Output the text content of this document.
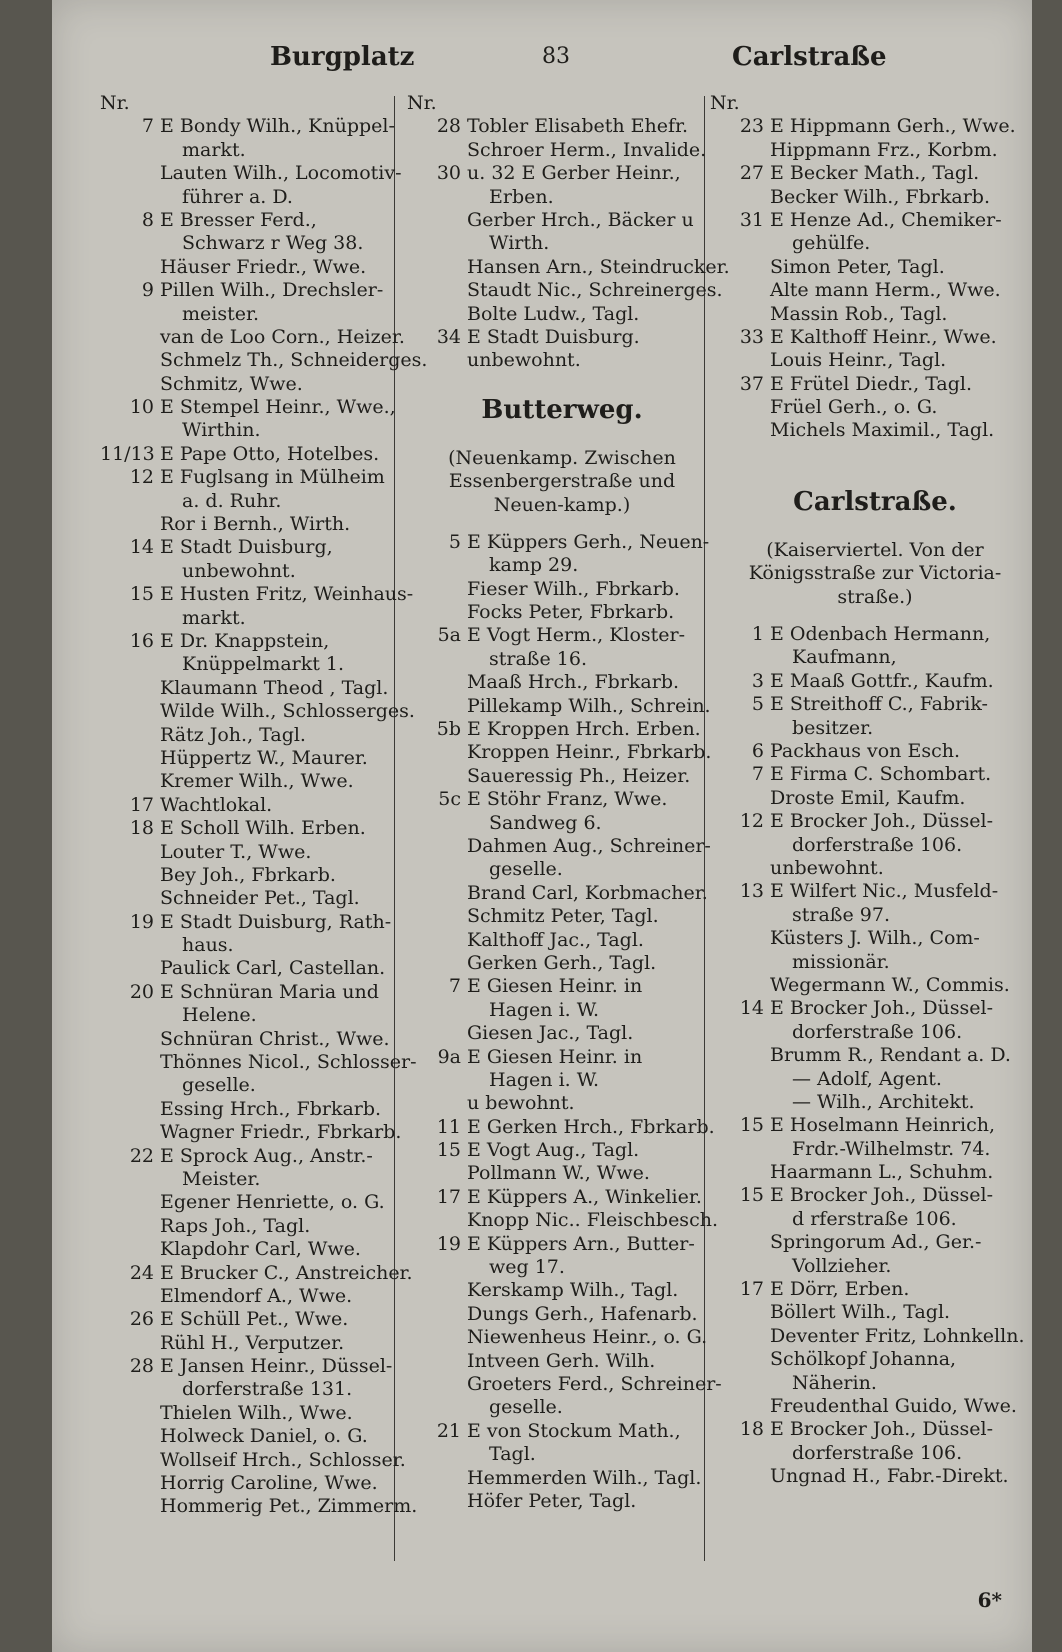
Burgplatz	83	Carlstraße
Nr.
7 E Bondy Wilh., Knüppel-
markt.
Lauten Wilh., Locomotiv-
führer a. D.
8 E Bresser Ferd.,
Schwarz r Weg 38.
Häuser Friedr., Wwe.
9 Pillen Wilh., Drechsler-
meister.
van de Loo Corn., Heizer.
Schmelz Th., Schneiderges.
Schmitz, Wwe.
10 E Stempel Heinr., Wwe.,
Wirthin.
11/13 E Pape Otto, Hotelbes.
12 E Fuglsang in Mülheim
a. d. Ruhr.
Ror i Bernh., Wirth.
14 E Stadt Duisburg,
unbewohnt.
15 E Husten Fritz, Weinhaus-
markt.
16 E Dr. Knappstein,
Knüppelmarkt 1.
Klaumann Theod , Tagl.
Wilde Wilh., Schlosserges.
Rätz Joh., Tagl.
Hüppertz W., Maurer.
Kremer Wilh., Wwe.
17 Wachtlokal.
18 E Scholl Wilh. Erben.
Louter T., Wwe.
Bey Joh., Fbrkarb.
Schneider Pet., Tagl.
19 E Stadt Duisburg, Rath-
haus.
Paulick Carl, Castellan.
20 E Schnüran Maria und
Helene.
Schnüran Christ., Wwe.
Thönnes Nicol., Schlosser-
geselle.
Essing Hrch., Fbrkarb.
Wagner Friedr., Fbrkarb.
22 E Sprock Aug., Anstr.-
Meister.
Egener Henriette, o. G.
Raps Joh., Tagl.
Klapdohr Carl, Wwe.
24 E Brucker C., Anstreicher.
Elmendorf A., Wwe.
26 E Schüll Pet., Wwe.
Rühl H., Verputzer.
28 E Jansen Heinr., Düssel-
dorferstraße 131.
Thielen Wilh., Wwe.
Holweck Daniel, o. G.
Wollseif Hrch., Schlosser.
Horrig Caroline, Wwe.
Hommerig Pet., Zimmerm.
Nr.
28 Tobler Elisabeth Ehefr.
Schroer Herm., Invalide.
30 u. 32 E Gerber Heinr.,
Erben.
Gerber Hrch., Bäcker u
Wirth.
Hansen Arn., Steindrucker.
Staudt Nic., Schreinerges.
Bolte Ludw., Tagl.
34 E Stadt Duisburg.
unbewohnt.
Butterweg.
(Neuenkamp. Zwischen Essenbergerstraße und Neuen-kamp.)
5 E Küppers Gerh., Neuen-
kamp 29.
Fieser Wilh., Fbrkarb.
Focks Peter, Fbrkarb.
5a E Vogt Herm., Kloster-
straße 16.
Maaß Hrch., Fbrkarb.
Pillekamp Wilh., Schrein.
5b E Kroppen Hrch. Erben.
Kroppen Heinr., Fbrkarb.
Saueressig Ph., Heizer.
5c E Stöhr Franz, Wwe.
Sandweg 6.
Dahmen Aug., Schreiner-
geselle.
Brand Carl, Korbmacher.
Schmitz Peter, Tagl.
Kalthoff Jac., Tagl.
Gerken Gerh., Tagl.
7 E Giesen Heinr. in
Hagen i. W.
Giesen Jac., Tagl.
9a E Giesen Heinr. in
Hagen i. W.
u bewohnt.
11 E Gerken Hrch., Fbrkarb.
15 E Vogt Aug., Tagl.
Pollmann W., Wwe.
17 E Küppers A., Winkelier.
Knopp Nic.. Fleischbesch.
19 E Küppers Arn., Butter-
weg 17.
Kerskamp Wilh., Tagl.
Dungs Gerh., Hafenarb.
Niewenheus Heinr., o. G.
Intveen Gerh. Wilh.
Groeters Ferd., Schreiner-
geselle.
21 E von Stockum Math.,
Tagl.
Hemmerden Wilh., Tagl.
Höfer Peter, Tagl.
Nr.
23 E Hippmann Gerh., Wwe.
Hippmann Frz., Korbm.
27 E Becker Math., Tagl.
Becker Wilh., Fbrkarb.
31 E Henze Ad., Chemiker-
gehülfe.
Simon Peter, Tagl.
Alte mann Herm., Wwe.
Massin Rob., Tagl.
33 E Kalthoff Heinr., Wwe.
Louis Heinr., Tagl.
37 E Frütel Diedr., Tagl.
Früel Gerh., o. G.
Michels Maximil., Tagl.
Carlstraße.
(Kaiserviertel. Von der Königsstraße zur Victoria-straße.)
1 E Odenbach Hermann,
Kaufmann,
3 E Maaß Gottfr., Kaufm.
5 E Streithoff C., Fabrik-
besitzer.
6 Packhaus von Esch.
7 E Firma C. Schombart.
Droste Emil, Kaufm.
12 E Brocker Joh., Düssel-
dorferstraße 106.
unbewohnt.
13 E Wilfert Nic., Musfeld-
straße 97.
Küsters J. Wilh., Com-
missionär.
Wegermann W., Commis.
14 E Brocker Joh., Düssel-
dorferstraße 106.
Brumm R., Rendant a. D.
— Adolf, Agent.
— Wilh., Architekt.
15 E Hoselmann Heinrich,
Frdr.-Wilhelmstr. 74.
Haarmann L., Schuhm.
15 E Brocker Joh., Düssel-
d rferstraße 106.
Springorum Ad., Ger.-
Vollzieher.
17 E Dörr, Erben.
Böllert Wilh., Tagl.
Deventer Fritz, Lohnkelln.
Schölkopf Johanna,
Näherin.
Freudenthal Guido, Wwe.
18 E Brocker Joh., Düssel-
dorferstraße 106.
Ungnad H., Fabr.-Direkt.
6*
